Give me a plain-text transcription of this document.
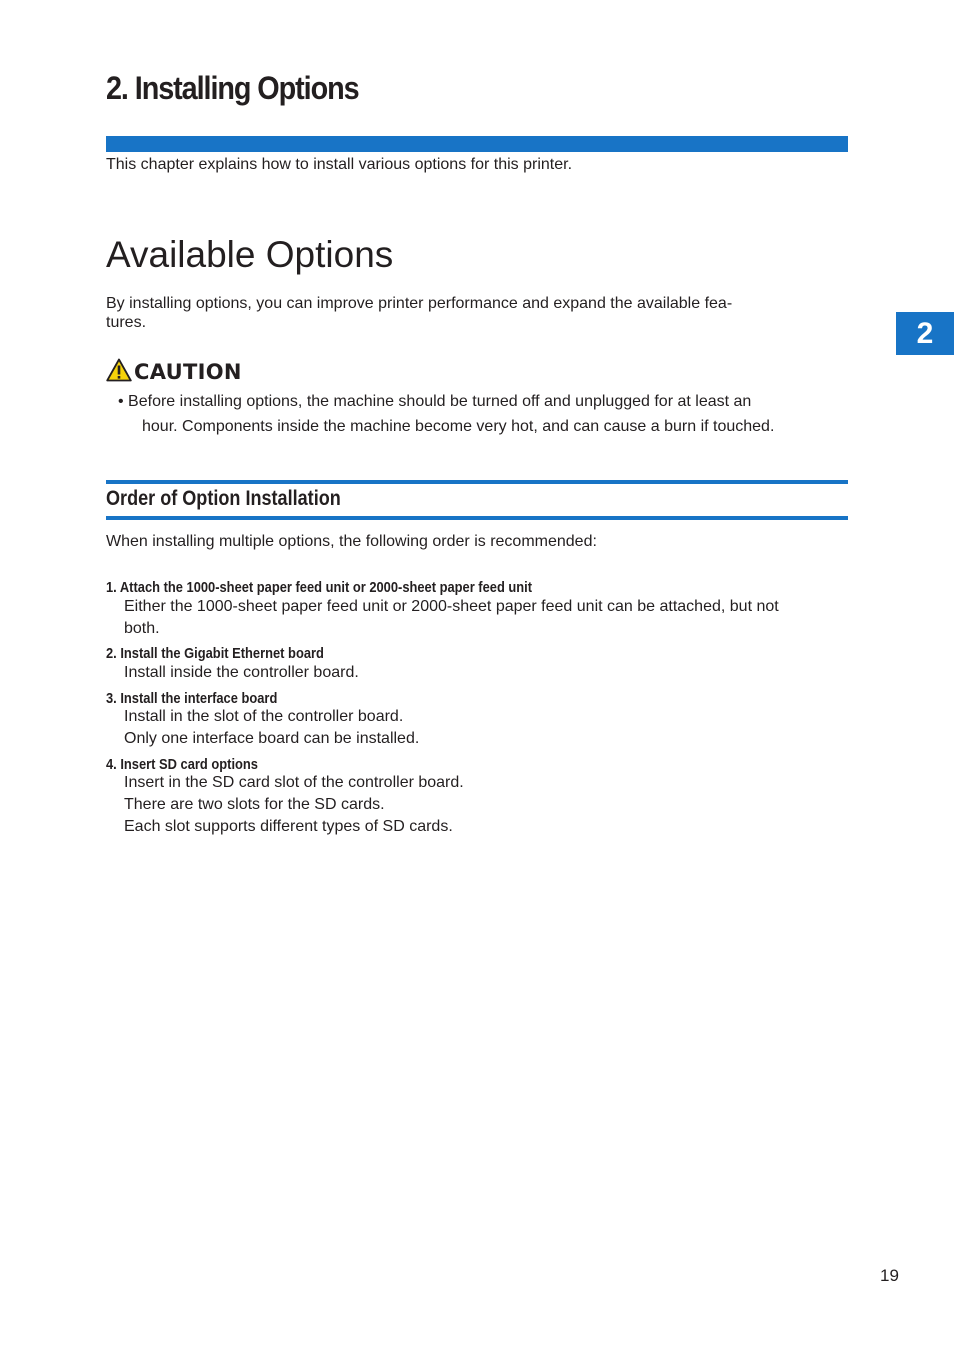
2. Installing Options
This chapter explains how to install various options for this printer.
Available Options
By installing options, you can improve printer performance and expand the available fea-
tures.
CAUTION
• Before installing options, the machine should be turned off and unplugged for at least an
hour. Components inside the machine become very hot, and can cause a burn if touched.
Order of Option Installation
When installing multiple options, the following order is recommended:
1. Attach the 1000-sheet paper feed unit or 2000-sheet paper feed unit
Either the 1000-sheet paper feed unit or 2000-sheet paper feed unit can be attached, but not
both.
2. Install the Gigabit Ethernet board
Install inside the controller board.
3. Install the interface board
Install in the slot of the controller board.
Only one interface board can be installed.
4. Insert SD card options
Insert in the SD card slot of the controller board.
There are two slots for the SD cards.
Each slot supports different types of SD cards.
2
19
